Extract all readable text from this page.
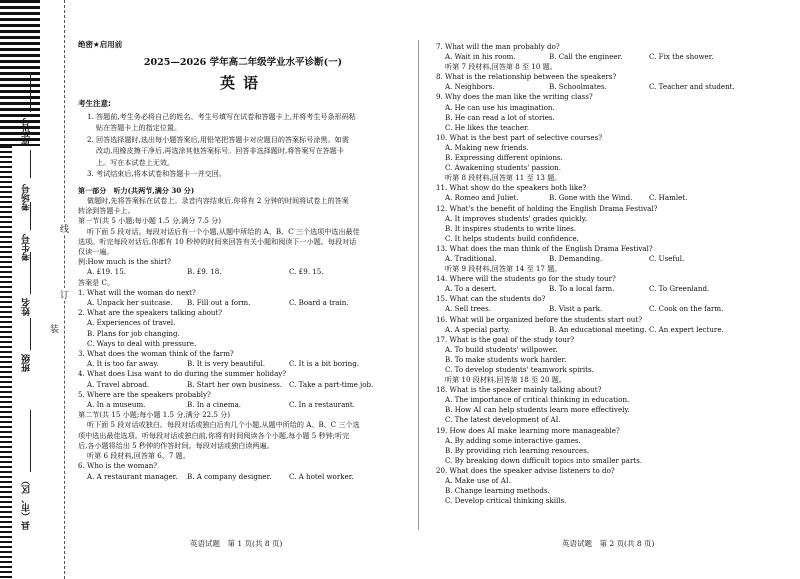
座位号
考场号
考生号
姓名
班级
县（市、区）
线
订
装
绝密★启用前
2025—2026 学年高二年级学业水平诊断(一)
英语
考生注意:
1. 答题前,考生务必将自己的姓名、考生号填写在试卷和答题卡上,并将考生号条形码粘
贴在答题卡上的指定位置。
2. 回答选择题时,选出每小题答案后,用铅笔把答题卡对应题目的答案标号涂黑。如需
改动,用橡皮擦干净后,再选涂其他答案标号。回答非选择题时,将答案写在答题卡
上。写在本试卷上无效。
3. 考试结束后,将本试卷和答题卡一并交回。
第一部分　听力(共两节,满分 30 分)
做题时,先将答案标在试卷上。录音内容结束后,你将有 2 分钟的时间将试卷上的答案
转涂到答题卡上。
第一节(共 5 小题;每小题 1.5 分,满分 7.5 分)
听下面 5 段对话。每段对话后有一个小题,从题中所给的 A、B、C 三个选项中选出最佳
选项。听完每段对话后,你都有 10 秒钟的时间来回答有关小题和阅读下一小题。每段对话
仅读一遍。
例:How much is the shirt?
A. £19. 15.	B. £9. 18.	C. £9. 15.
答案是 C。
1. What will the woman do next?
A. Unpack her suitcase.	B. Fill out a form.	C. Board a train.
2. What are the speakers talking about?
A. Experiences of travel.
B. Plans for job changing.
C. Ways to deal with pressure.
3. What does the woman think of the farm?
A. It is too far away.	B. It is very beautiful.	C. It is a bit boring.
4. What does Lisa want to do during the summer holiday?
A. Travel abroad.	B. Start her own business. C. Take a part-time job.
5. Where are the speakers probably?
A. In a museum.	B. In a cinema.	C. In a restaurant.
第二节(共 15 小题;每小题 1.5 分,满分 22.5 分)
听下面 5 段对话或独白。每段对话或独白后有几个小题,从题中所给的 A、B、C 三个选
项中选出最佳选项。听每段对话或独白前,你将有时间阅读各个小题,每小题 5 秒钟;听完
后,各小题将给出 5 秒钟的作答时间。每段对话或独白读两遍。
听第 6 段材料,回答第 6、7 题。
6. Who is the woman?
A. A restaurant manager.	B. A company designer.	C. A hotel worker.
7. What will the man probably do?
A. Wait in his room.	B. Call the engineer.	C. Fix the shower.
听第 7 段材料,回答第 8 至 10 题。
8. What is the relationship between the speakers?
A. Neighbors.	B. Schoolmates.	C. Teacher and student.
9. Why does the man like the writing class?
A. He can use his imagination.
B. He can read a lot of stories.
C. He likes the teacher.
10. What is the best part of selective courses?
A. Making new friends.
B. Expressing different opinions.
C. Awakening students' passion.
听第 8 段材料,回答第 11 至 13 题。
11. What show do the speakers both like?
A. Romeo and Juliet.	B. Gone with the Wind.	C. Hamlet.
12. What's the benefit of holding the English Drama Festival?
A. It improves students' grades quickly.
B. It inspires students to write lines.
C. It helps students build confidence.
13. What does the man think of the English Drama Festival?
A. Traditional.	B. Demanding.	C. Useful.
听第 9 段材料,回答第 14 至 17 题。
14. Where will the students go for the study tour?
A. To a desert.	B. To a local farm.	C. To Greenland.
15. What can the students do?
A. Sell trees.	B. Visit a park.	C. Cook on the farm.
16. What will be organized before the students start out?
A. A special party.	B. An educational meeting. C. An expert lecture.
17. What is the goal of the study tour?
A. To build students' willpower.
B. To make students work harder.
C. To develop students' teamwork spirits.
听第 10 段材料,回答第 18 至 20 题。
18. What is the speaker mainly talking about?
A. The importance of critical thinking in education.
B. How AI can help students learn more effectively.
C. The latest development of AI.
19. How does AI make learning more manageable?
A. By adding some interactive games.
B. By providing rich learning resources.
C. By breaking down difficult topics into smaller parts.
20. What does the speaker advise listeners to do?
A. Make use of AI.
B. Change learning methods.
C. Develop critical thinking skills.
英语试题　第 1 页(共 8 页)	英语试题　第 2 页(共 8 页)
